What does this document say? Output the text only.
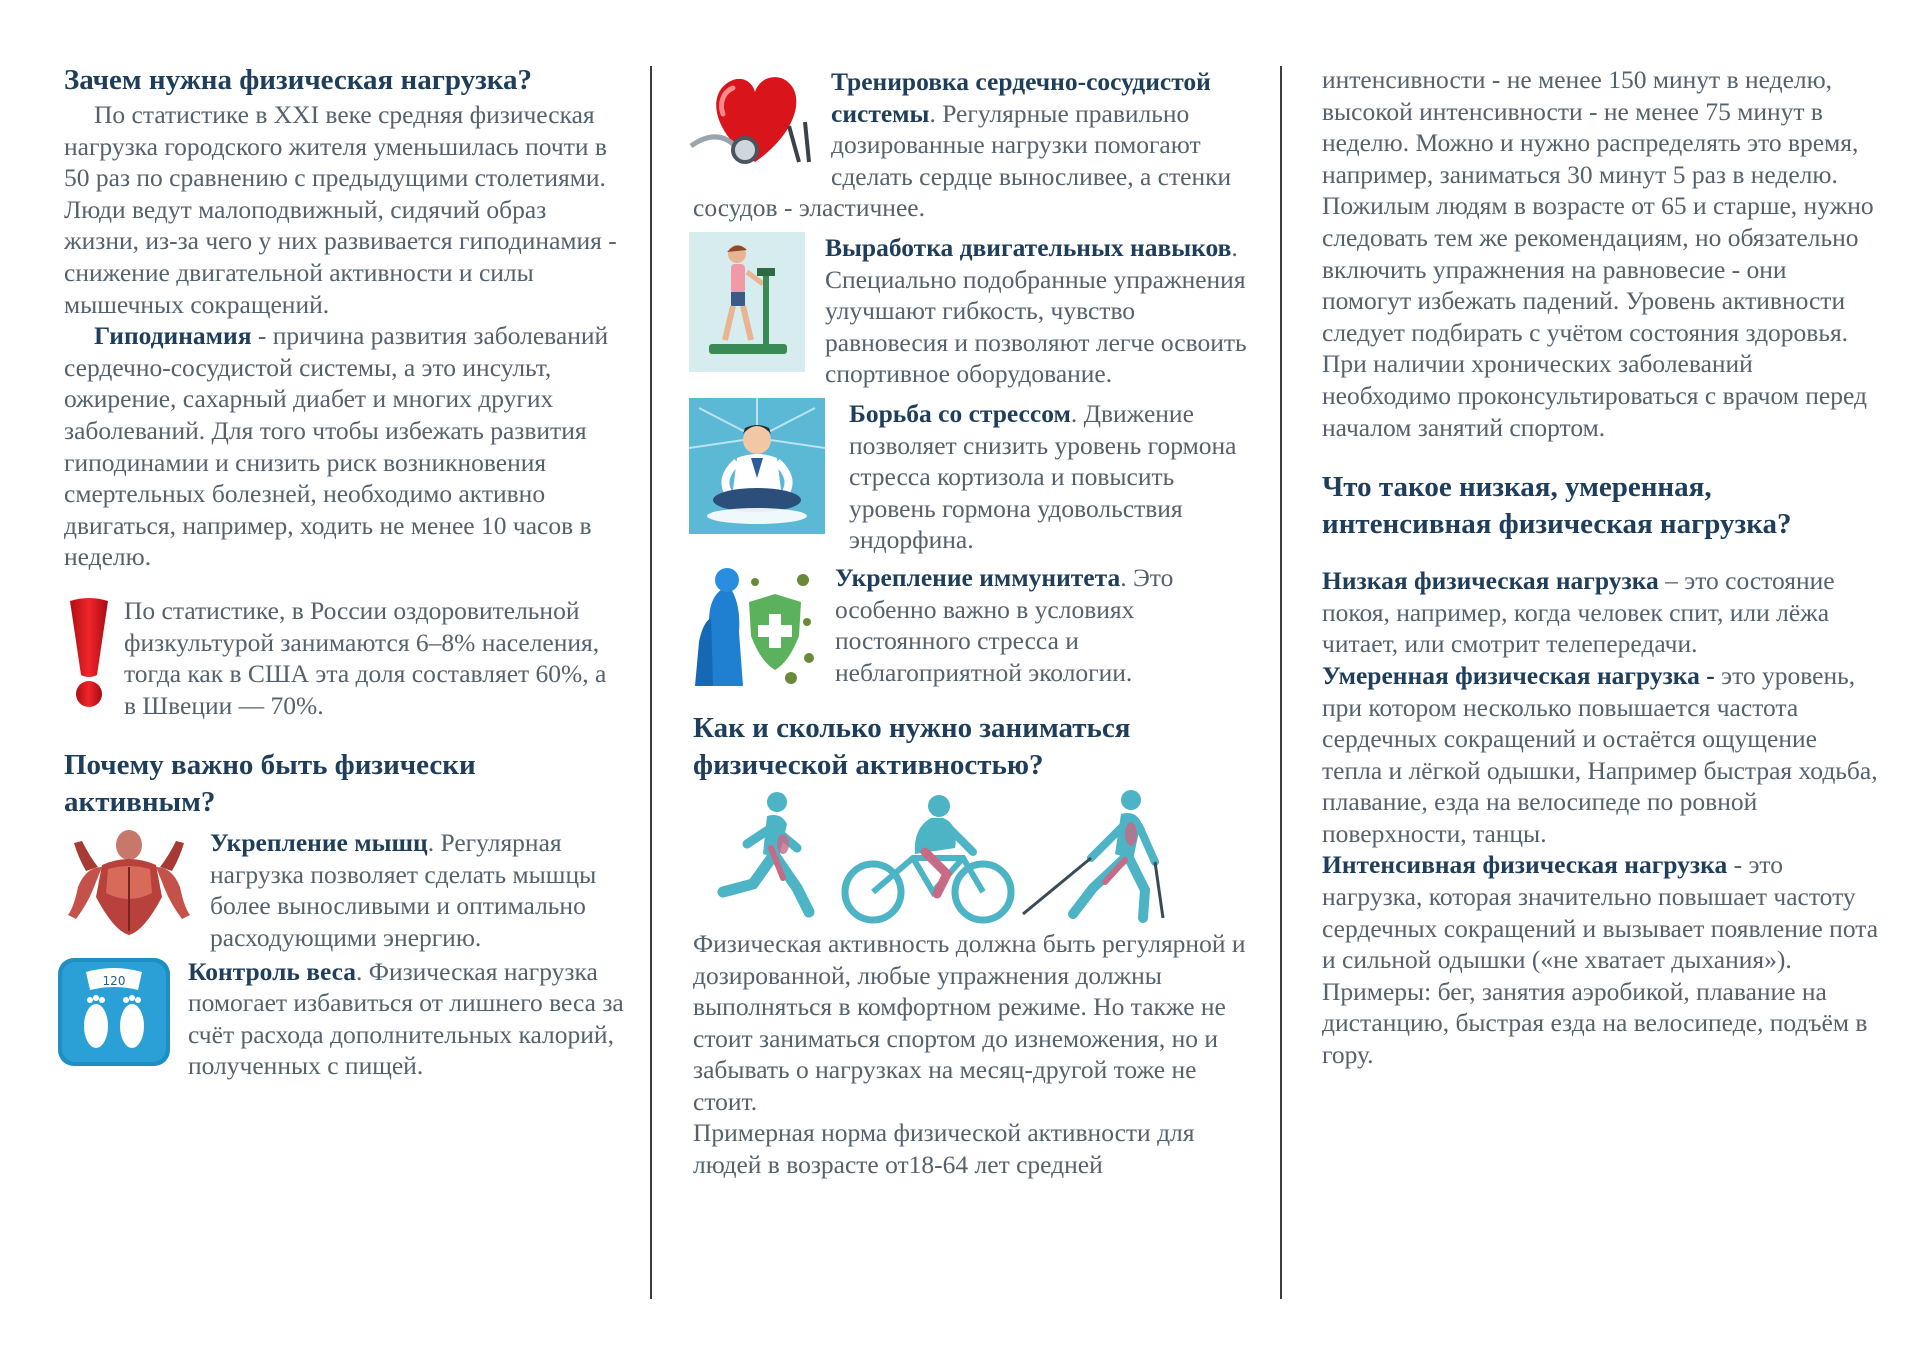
Зачем нужна физическая нагрузка?

По статистике в XXI веке средняя физическая нагрузка городского жителя уменьшилась почти в 50 раз по сравнению с предыдущими столетиями. Люди ведут малоподвижный, сидячий образ жизни, из-за чего у них развивается гиподинамия - снижение двигательной активности и силы мышечных сокращений.

Гиподинамия - причина развития заболеваний сердечно-сосудистой системы, а это инсульт, ожирение, сахарный диабет и многих других заболеваний. Для того чтобы избежать развития гиподинамии и снизить риск возникновения смертельных болезней, необходимо активно двигаться, например, ходить не менее 10 часов в неделю.

По статистике, в России оздоровительной физкультурой занимаются 6–8% населения, тогда как в США эта доля составляет 60%, а в Швеции — 70%.

Почему важно быть физически активным?

Укрепление мышц. Регулярная нагрузка позволяет сделать мышцы более выносливыми и оптимально расходующими энергию.

120	Контроль веса. Физическая нагрузка помогает избавиться от лишнего веса за счёт расхода дополнительных калорий, полученных с пищей.

Тренировка сердечно-сосудистой системы. Регулярные правильно дозированные нагрузки помогают сделать сердце выносливее, а стенки сосудов - эластичнее.

Выработка двигательных навыков. Специально подобранные упражнения улучшают гибкость, чувство равновесия и позволяют легче освоить спортивное оборудование.

Борьба со стрессом. Движение позволяет снизить уровень гормона стресса кортизола и повысить уровень гормона удовольствия эндорфина.

Укрепление иммунитета. Это особенно важно в условиях постоянного стресса и неблагоприятной экологии.

Как и сколько нужно заниматься физической активностью?

Физическая активность должна быть регулярной и дозированной, любые упражнения должны выполняться в комфортном режиме. Но также не стоит заниматься спортом до изнеможения, но и забывать о нагрузках на месяц-другой тоже не стоит.

Примерная норма физической активности для людей в возрасте от18-64 лет средней

интенсивности - не менее 150 минут в неделю, высокой интенсивности - не менее 75 минут в неделю. Можно и нужно распределять это время, например, заниматься 30 минут 5 раз в неделю. Пожилым людям в возрасте от 65 и старше, нужно следовать тем же рекомендациям, но обязательно включить упражнения на равновесие - они помогут избежать падений. Уровень активности следует подбирать с учётом состояния здоровья. При наличии хронических заболеваний необходимо проконсультироваться с врачом перед началом занятий спортом.

Что такое низкая, умеренная, интенсивная физическая нагрузка?

Низкая физическая нагрузка – это состояние покоя, например, когда человек спит, или лёжа читает, или смотрит телепередачи.

Умеренная физическая нагрузка - это уровень, при котором несколько повышается частота сердечных сокращений и остаётся ощущение тепла и лёгкой одышки, Например быстрая ходьба, плавание, езда на велосипеде по ровной поверхности, танцы.

Интенсивная физическая нагрузка - это нагрузка, которая значительно повышает частоту сердечных сокращений и вызывает появление пота и сильной одышки («не хватает дыхания»). Примеры: бег, занятия аэробикой, плавание на дистанцию, быстрая езда на велосипеде, подъём в гору.
